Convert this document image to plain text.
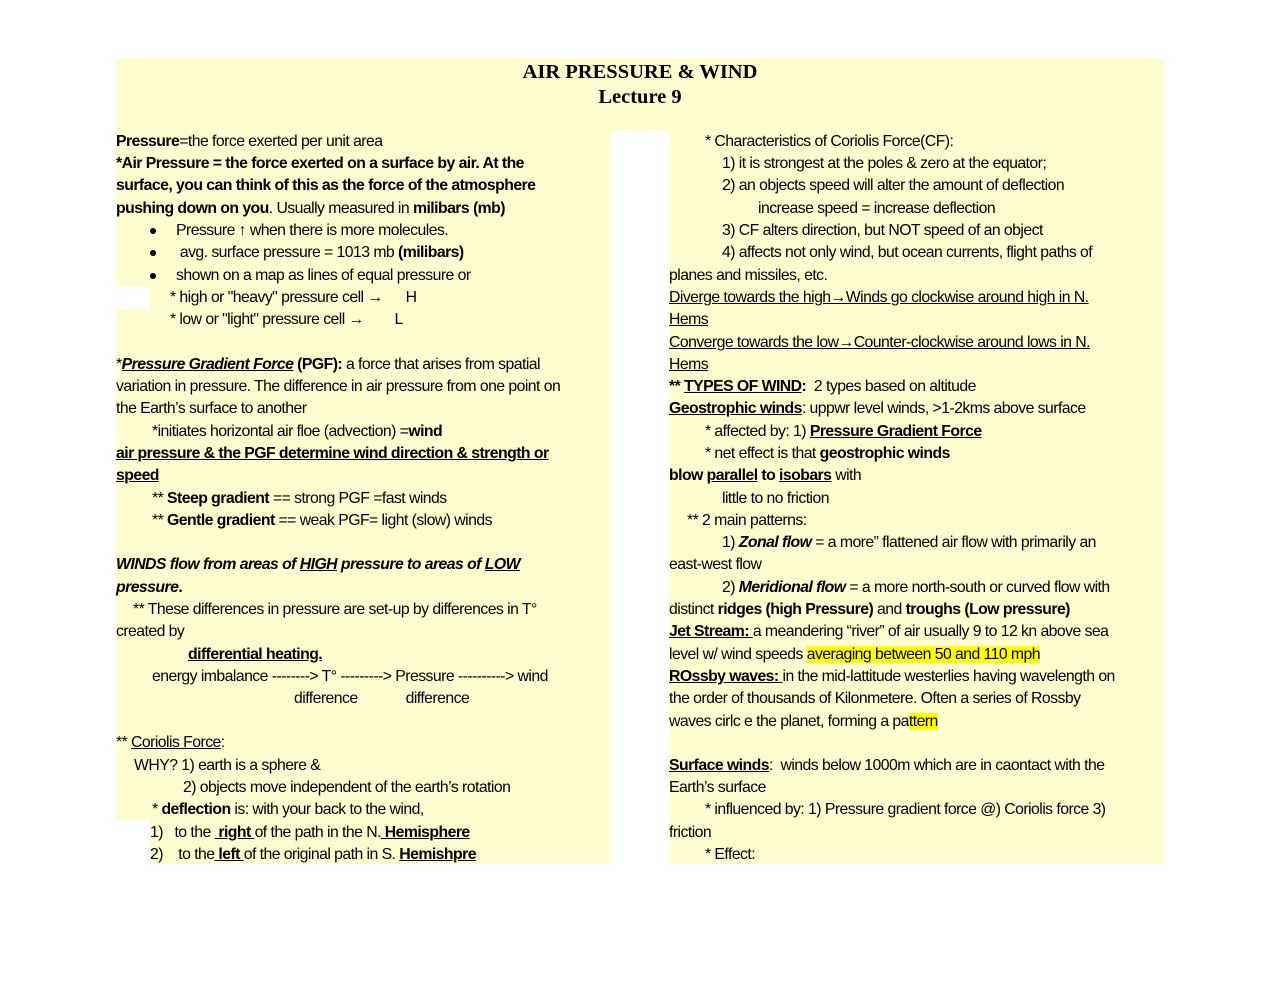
AIR PRESSURE & WIND
Lecture 9
Pressure=the force exerted per unit area
*Air Pressure = the force exerted on a surface by air. At the
surface, you can think of this as the force of the atmosphere
pushing down on you. Usually measured in milibars (mb)
Pressure ↑ when there is more molecules.
avg. surface pressure = 1013 mb (milibars)
shown on a map as lines of equal pressure or
* high or "heavy" pressure cell →      H
* low or "light" pressure cell →        L
*Pressure Gradient Force (PGF): a force that arises from spatial
variation in pressure. The difference in air pressure from one point on
the Earth’s surface to another
*initiates horizontal air floe (advection) =wind
air pressure & the PGF determine wind direction & strength or
speed
** Steep gradient == strong PGF =fast winds
** Gentle gradient == weak PGF= light (slow) winds
WINDS flow from areas of HIGH pressure to areas of LOW
pressure.
** These differences in pressure are set-up by differences in T°
created by
differential heating.
energy imbalance --------> T° ---------> Pressure ----------> wind
difference	difference
** Coriolis Force:
WHY? 1) earth is a sphere &
2) objects move independent of the earth’s rotation
* deflection is: with your back to the wind,
1)   to the  right of the path in the N. Hemisphere
2)    to the left of the original path in S. Hemishpre
* Characteristics of Coriolis Force(CF):
1) it is strongest at the poles & zero at the equator;
2) an objects speed will alter the amount of deflection
increase speed = increase deflection
3) CF alters direction, but NOT speed of an object
4) affects not only wind, but ocean currents, flight paths of
planes and missiles, etc.
Diverge towards the high→Winds go clockwise around high in N.
Hems
Converge towards the low→Counter-clockwise around lows in N.
Hems
** TYPES OF WIND:  2 types based on altitude
Geostrophic winds: uppwr level winds, >1-2kms above surface
* affected by: 1) Pressure Gradient Force
* net effect is that geostrophic winds
blow parallel to isobars with
little to no friction
** 2 main patterns:
1) Zonal flow = a more” flattened air flow with primarily an
east-west flow
2) Meridional flow = a more north-south or curved flow with
distinct ridges (high Pressure) and troughs (Low pressure)
Jet Stream: a meandering “river” of air usually 9 to 12 kn above sea
level w/ wind speeds averaging between 50 and 110 mph
ROssby waves: in the mid-lattitude westerlies having wavelength on
the order of thousands of Kilonmetere. Often a series of Rossby
waves cirlc e the planet, forming a pattern
Surface winds:  winds below 1000m which are in caontact with the
Earth’s surface
* influenced by: 1) Pressure gradient force @) Coriolis force 3)
friction
* Effect:
